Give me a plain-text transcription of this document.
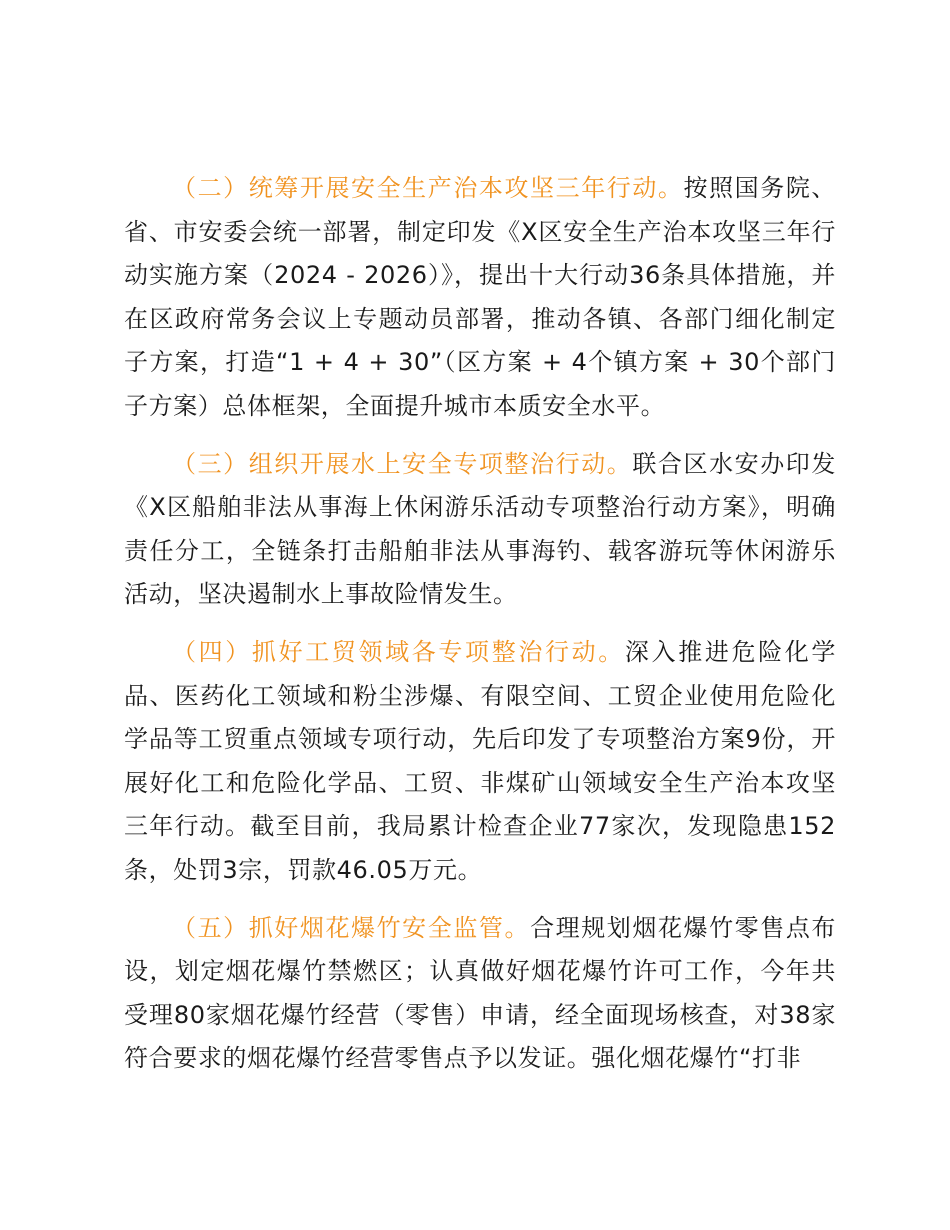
（二）统筹开展安全生产治本攻坚三年行动。按照国务院、省、市安委会统一部署，制定印发《X区安全生产治本攻坚三年行动实施方案（2024 - 2026）》，提出十大行动36条具体措施，并在区政府常务会议上专题动员部署，推动各镇、各部门细化制定子方案，打造“1 + 4 + 30”（区方案 + 4个镇方案 + 30个部门子方案）总体框架，全面提升城市本质安全水平。

（三）组织开展水上安全专项整治行动。联合区水安办印发《X区船舶非法从事海上休闲游乐活动专项整治行动方案》，明确责任分工，全链条打击船舶非法从事海钓、载客游玩等休闲游乐活动，坚决遏制水上事故险情发生。

（四）抓好工贸领域各专项整治行动。深入推进危险化学品、医药化工领域和粉尘涉爆、有限空间、工贸企业使用危险化学品等工贸重点领域专项行动，先后印发了专项整治方案9份，开展好化工和危险化学品、工贸、非煤矿山领域安全生产治本攻坚三年行动。截至目前，我局累计检查企业77家次，发现隐患152条，处罚3宗，罚款46.05万元。

（五）抓好烟花爆竹安全监管。合理规划烟花爆竹零售点布设，划定烟花爆竹禁燃区；认真做好烟花爆竹许可工作，今年共受理80家烟花爆竹经营（零售）申请，经全面现场核查，对38家符合要求的烟花爆竹经营零售点予以发证。强化烟花爆竹“打非
